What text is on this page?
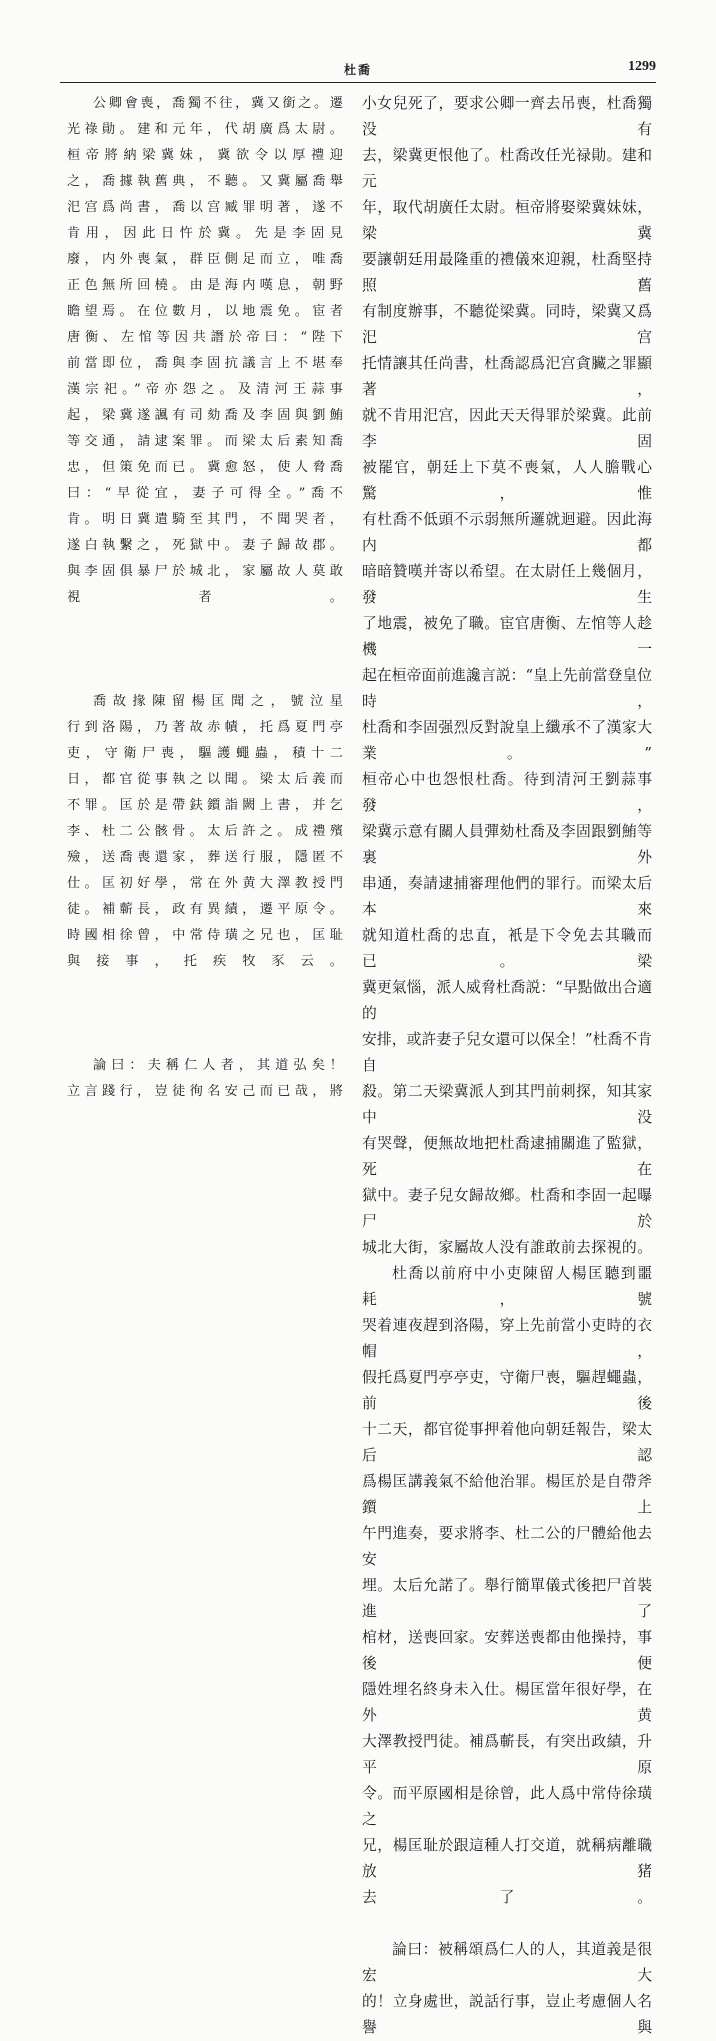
杜喬	1299

公卿會喪，喬獨不往，冀又銜之。遷
光祿勛。建和元年，代胡廣爲太尉。
桓帝將納梁冀妹，冀欲令以厚禮迎
之，喬據執舊典，不聽。又冀屬喬舉
汜宫爲尚書，喬以宫臧罪明著，遂不
肯用，因此日忤於冀。先是李固見
廢，内外喪氣，群臣側足而立，唯喬
正色無所回橈。由是海内嘆息，朝野
瞻望焉。在位數月，以地震免。宦者
唐衡、左悺等因共譖於帝曰：“陛下
前當即位，喬與李固抗議言上不堪奉
漢宗祀。”帝亦怨之。及清河王蒜事
起，梁冀遂諷有司劾喬及李固與劉鮪
等交通，請逮案罪。而梁太后素知喬
忠，但策免而已。冀愈怒，使人脅喬
曰：“早從宜，妻子可得全。”喬不
肯。明日冀遣騎至其門，不聞哭者，
遂白執繫之，死獄中。妻子歸故郡。
與李固俱暴尸於城北，家屬故人莫敢
視者。

喬故掾陳留楊匡聞之，號泣星
行到洛陽，乃著故赤幘，托爲夏門亭
吏，守衛尸喪，驅護蠅蟲，積十二
日，都官從事執之以聞。梁太后義而
不罪。匡於是帶鈇鑕詣闕上書，并乞
李、杜二公骸骨。太后許之。成禮殯
殮，送喬喪還家，葬送行服，隱匿不
仕。匡初好學，常在外黄大澤教授門
徒。補蘄長，政有異績，遷平原令。
時國相徐曾，中常侍璜之兄也，匡耻
與接事，托疾牧豕云。

論曰：夫稱仁人者，其道弘矣！
立言踐行，豈徒徇名安己而已哉，將

小女兒死了，要求公卿一齊去吊喪，杜喬獨没有
去，梁冀更恨他了。杜喬改任光禄勛。建和元
年，取代胡廣任太尉。桓帝將娶梁冀妹妹，梁冀
要讓朝廷用最隆重的禮儀來迎親，杜喬堅持照舊
有制度辦事，不聽從梁冀。同時，梁冀又爲汜宫
托情讓其任尚書，杜喬認爲汜宫貪臟之罪顯著，
就不肯用汜宫，因此天天得罪於梁冀。此前李固
被罷官，朝廷上下莫不喪氣，人人膽戰心驚，惟
有杜喬不低頭不示弱無所邏就迴避。因此海内都
暗暗贊嘆并寄以希望。在太尉任上幾個月，發生
了地震，被免了職。宦官唐衡、左悺等人趁機一
起在桓帝面前進讒言説：“皇上先前當登皇位時，
杜喬和李固强烈反對說皇上纖承不了漢家大業。”
桓帝心中也怨恨杜喬。待到清河王劉蒜事發，
梁冀示意有關人員彈劾杜喬及李固跟劉鮪等裏外
串通，奏請逮捕審理他們的罪行。而梁太后本來
就知道杜喬的忠直，衹是下令免去其職而已。梁
冀更氣惱，派人威脅杜喬説：“早點做出合適的
安排，或許妻子兒女還可以保全！”杜喬不肯自
殺。第二天梁冀派人到其門前刺探，知其家中没
有哭聲，便無故地把杜喬逮捕關進了監獄，死在
獄中。妻子兒女歸故鄉。杜喬和李固一起曝尸於
城北大街，家屬故人没有誰敢前去探視的。

杜喬以前府中小吏陳留人楊匡聽到噩耗，號
哭着連夜趕到洛陽，穿上先前當小吏時的衣帽，
假托爲夏門亭亭吏，守衛尸喪，驅趕蠅蟲，前後
十二天，都官從事押着他向朝廷報告，梁太后認
爲楊匡講義氣不給他治罪。楊匡於是自帶斧鑕上
午門進奏，要求將李、杜二公的尸體給他去安
埋。太后允諾了。舉行簡單儀式後把尸首裝進了
棺材，送喪回家。安葬送喪都由他操持，事後便
隱姓埋名終身未入仕。楊匡當年很好學，在外黄
大澤教授門徒。補爲蘄長，有突出政績，升平原
令。而平原國相是徐曾，此人爲中常侍徐璜之
兄，楊匡耻於跟這種人打交道，就稱病離職放猪
去了。

論曰：被稱頌爲仁人的人，其道義是很宏大
的！立身處世，説話行事，豈止考慮個人名譽與
